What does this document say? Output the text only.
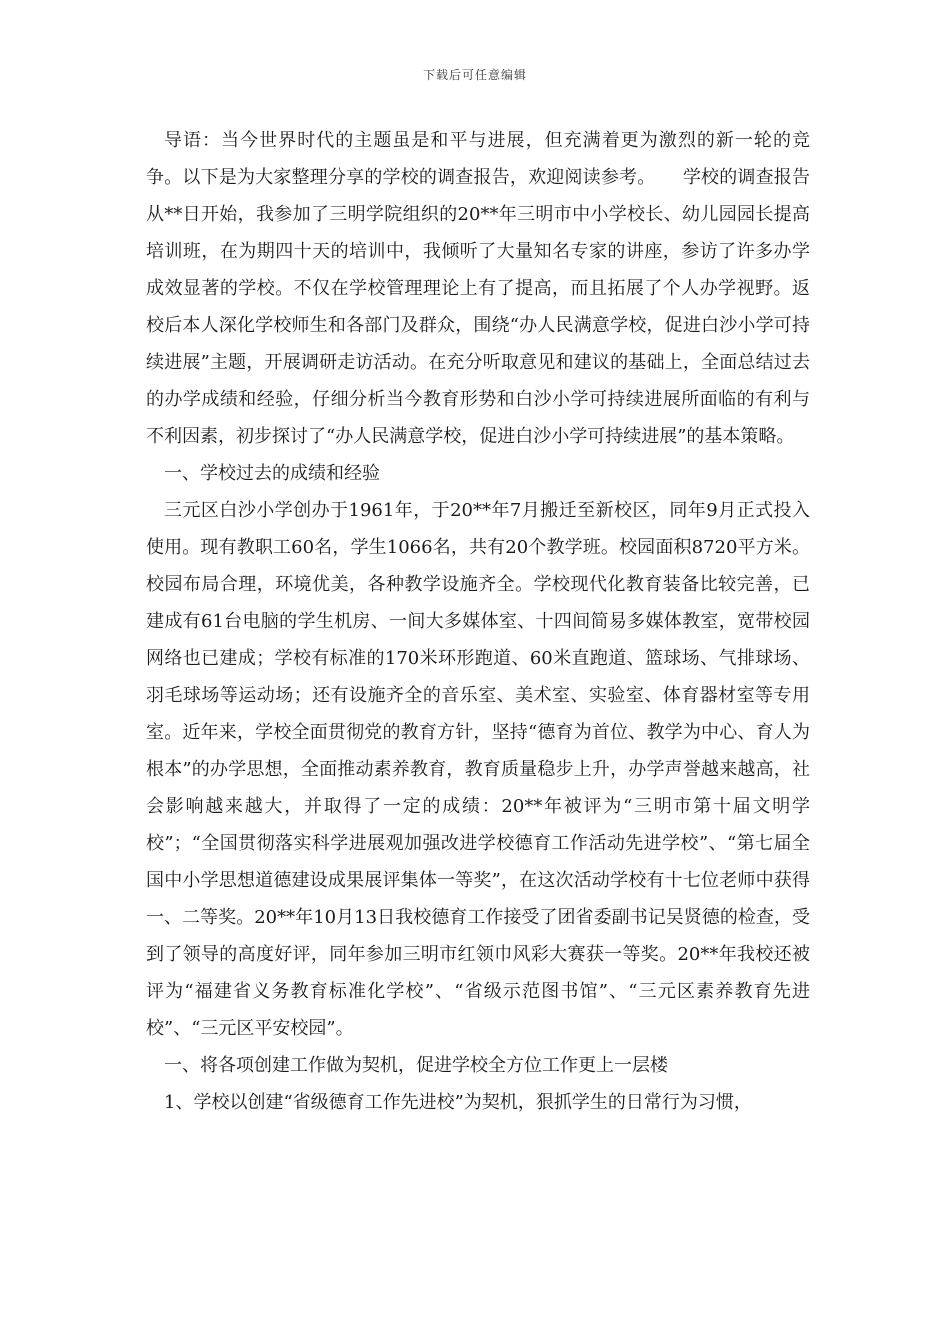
下载后可任意编辑

导语：当今世界时代的主题虽是和平与进展，但充满着更为激烈的新一轮的竞争。以下是为大家整理分享的学校的调查报告，欢迎阅读参考。　　学校的调查报告　从**日开始，我参加了三明学院组织的20**年三明市中小学校长、幼儿园园长提高培训班，在为期四十天的培训中，我倾听了大量知名专家的讲座，参访了许多办学成效显著的学校。不仅在学校管理理论上有了提高，而且拓展了个人办学视野。返校后本人深化学校师生和各部门及群众，围绕“办人民满意学校，促进白沙小学可持续进展”主题，开展调研走访活动。在充分听取意见和建议的基础上，全面总结过去的办学成绩和经验，仔细分析当今教育形势和白沙小学可持续进展所面临的有利与不利因素，初步探讨了“办人民满意学校，促进白沙小学可持续进展”的基本策略。

一、学校过去的成绩和经验

三元区白沙小学创办于1961年，于20**年7月搬迁至新校区，同年9月正式投入使用。现有教职工60名，学生1066名，共有20个教学班。校园面积8720平方米。校园布局合理，环境优美，各种教学设施齐全。学校现代化教育装备比较完善，已建成有61台电脑的学生机房、一间大多媒体室、十四间简易多媒体教室，宽带校园网络也已建成；学校有标准的170米环形跑道、60米直跑道、篮球场、气排球场、羽毛球场等运动场；还有设施齐全的音乐室、美术室、实验室、体育器材室等专用室。近年来，学校全面贯彻党的教育方针，坚持“德育为首位、教学为中心、育人为根本”的办学思想，全面推动素养教育，教育质量稳步上升，办学声誉越来越高，社会影响越来越大，并取得了一定的成绩：20**年被评为“三明市第十届文明学校”；“全国贯彻落实科学进展观加强改进学校德育工作活动先进学校”、“第七届全国中小学思想道德建设成果展评集体一等奖”，在这次活动学校有十七位老师中获得一、二等奖。20**年10月13日我校德育工作接受了团省委副书记吴贤德的检查，受到了领导的高度好评，同年参加三明市红领巾风彩大赛获一等奖。20**年我校还被评为“福建省义务教育标准化学校”、“省级示范图书馆”、“三元区素养教育先进校”、“三元区平安校园”。

一、将各项创建工作做为契机，促进学校全方位工作更上一层楼

1、学校以创建“省级德育工作先进校”为契机，狠抓学生的日常行为习惯，
